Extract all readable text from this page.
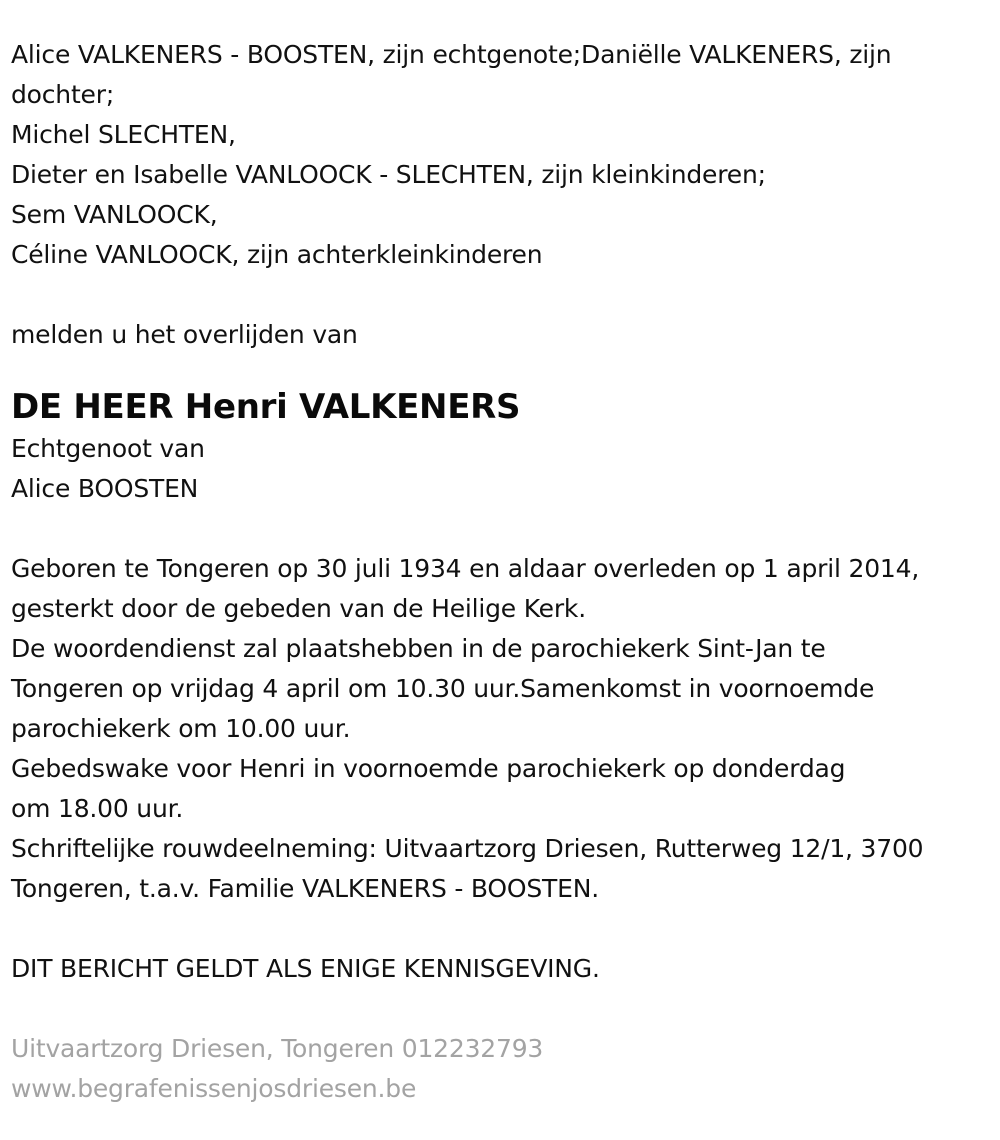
Alice VALKENERS - BOOSTEN, zijn echtgenote;Daniëlle VALKENERS, zijn
dochter;
Michel SLECHTEN,
Dieter en Isabelle VANLOOCK - SLECHTEN, zijn kleinkinderen;
Sem VANLOOCK,
Céline VANLOOCK, zijn achterkleinkinderen
melden u het overlijden van
DE HEER Henri VALKENERS
Echtgenoot van
Alice BOOSTEN
Geboren te Tongeren op 30 juli 1934 en aldaar overleden op 1 april 2014,
gesterkt door de gebeden van de Heilige Kerk.
De woordendienst zal plaatshebben in de parochiekerk Sint-Jan te
Tongeren op vrijdag 4 april om 10.30 uur.Samenkomst in voornoemde
parochiekerk om 10.00 uur.
Gebedswake voor Henri in voornoemde parochiekerk op donderdag
om 18.00 uur.
Schriftelijke rouwdeelneming: Uitvaartzorg Driesen, Rutterweg 12/1, 3700
Tongeren, t.a.v. Familie VALKENERS - BOOSTEN.
DIT BERICHT GELDT ALS ENIGE KENNISGEVING.
Uitvaartzorg Driesen, Tongeren 012232793
www.begrafenissenjosdriesen.be
